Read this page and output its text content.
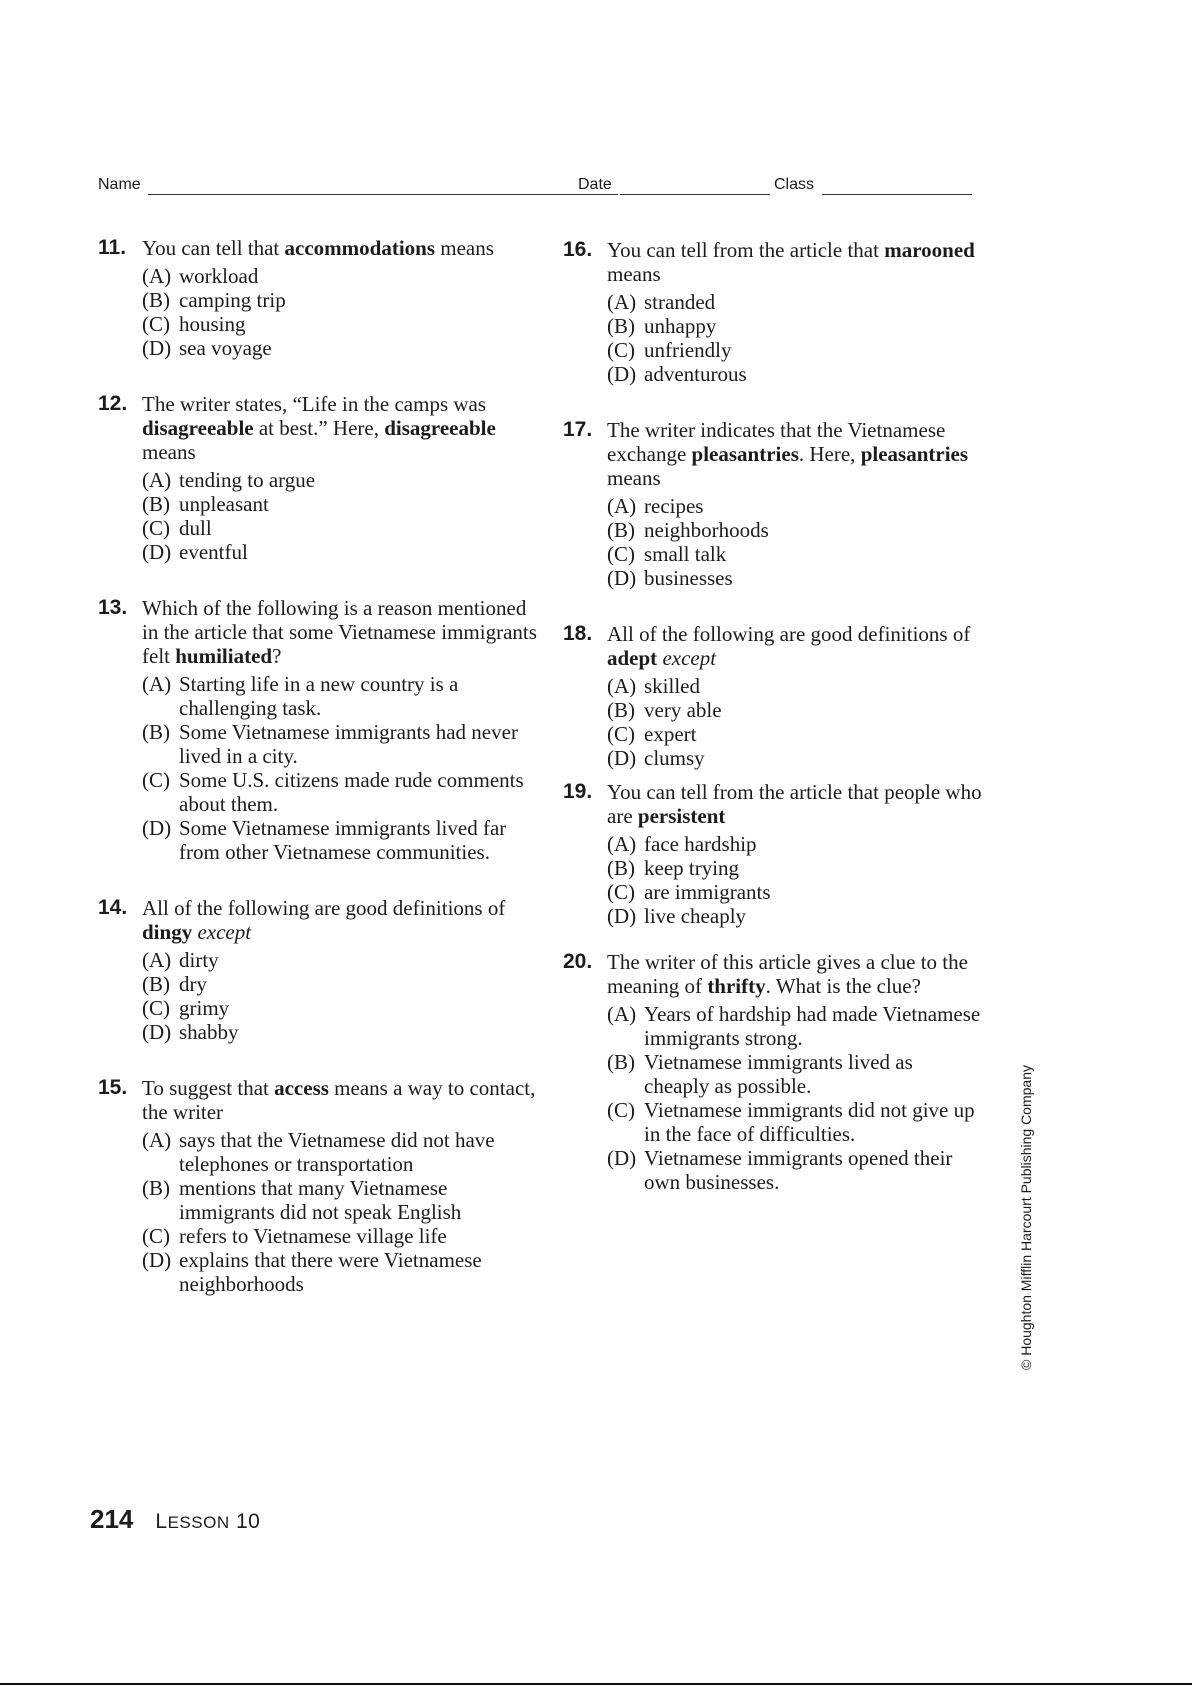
Name	Date	Class
11. You can tell that accommodations means

(A) workload
(B) camping trip
(C) housing
(D) sea voyage
12. The writer states, “Life in the camps was disagreeable at best.” Here, disagreeable means

(A) tending to argue
(B) unpleasant
(C) dull
(D) eventful
13. Which of the following is a reason mentioned in the article that some Vietnamese immigrants felt humiliated?

(A) Starting life in a new country is a challenging task.
(B) Some Vietnamese immigrants had never lived in a city.
(C) Some U.S. citizens made rude comments about them.
(D) Some Vietnamese immigrants lived far from other Vietnamese communities.
14. All of the following are good definitions of dingy except

(A) dirty
(B) dry
(C) grimy
(D) shabby
15. To suggest that access means a way to contact, the writer

(A) says that the Vietnamese did not have telephones or transportation
(B) mentions that many Vietnamese immigrants did not speak English
(C) refers to Vietnamese village life
(D) explains that there were Vietnamese neighborhoods
16. You can tell from the article that marooned means

(A) stranded
(B) unhappy
(C) unfriendly
(D) adventurous
17. The writer indicates that the Vietnamese exchange pleasantries. Here, pleasantries means

(A) recipes
(B) neighborhoods
(C) small talk
(D) businesses
18. All of the following are good definitions of adept except

(A) skilled
(B) very able
(C) expert
(D) clumsy
19. You can tell from the article that people who are persistent

(A) face hardship
(B) keep trying
(C) are immigrants
(D) live cheaply
20. The writer of this article gives a clue to the meaning of thrifty. What is the clue?

(A) Years of hardship had made Vietnamese immigrants strong.
(B) Vietnamese immigrants lived as cheaply as possible.
(C) Vietnamese immigrants did not give up in the face of difficulties.
(D) Vietnamese immigrants opened their own businesses.
214 LESSON 10
© Houghton Mifflin Harcourt Publishing Company
